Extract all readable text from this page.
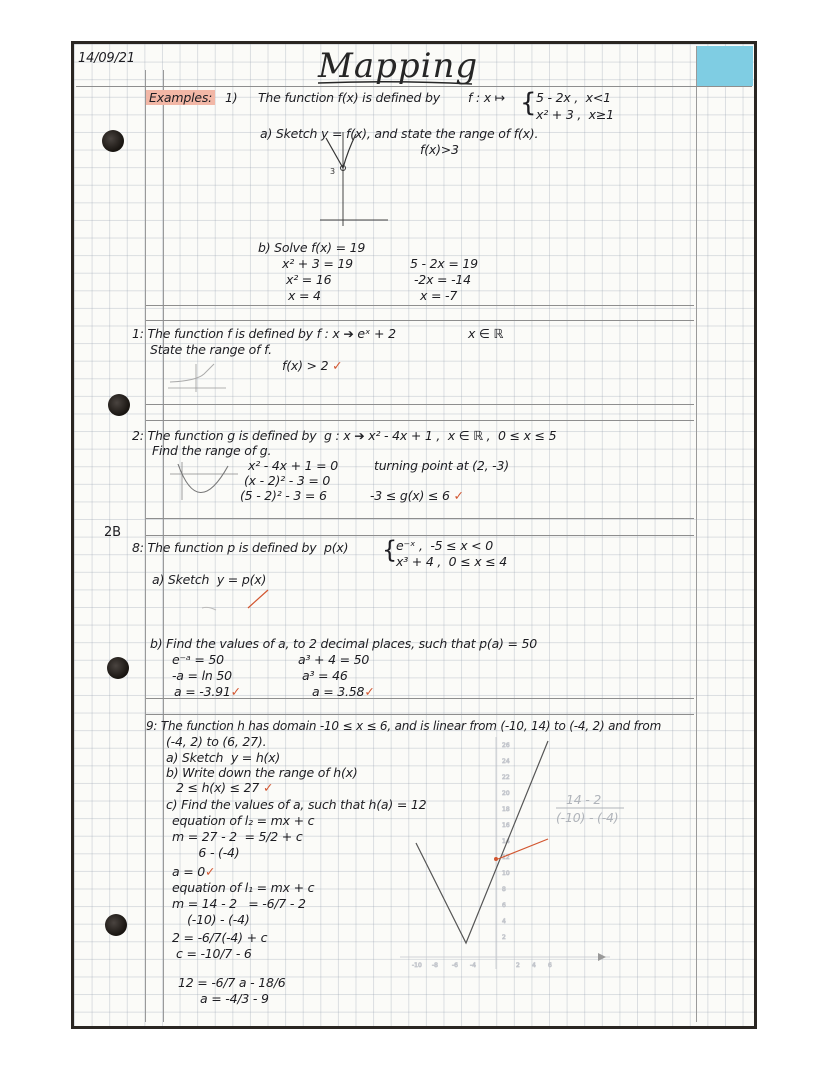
14/09/21	Mapping
Examples: 1) The function f(x) is defined by f : x ↦ { 5 - 2x ,  x<1
x² + 3 ,  x≥1
a) Sketch y = f(x), and state the range of f(x).
f(x)>3
3
b) Solve f(x) = 19
x² + 3 = 19
x² = 16
x = 4
5 - 2x = 19
-2x = -14
x = -7
1: The function f is defined by f : x ➔ eˣ + 2	x ∈ ℝ
State the range of f.
f(x) > 2 ✓
2: The function g is defined by  g : x ➔ x² - 4x + 1 ,  x ∈ ℝ ,  0 ≤ x ≤ 5
Find the range of g.
x² - 4x + 1 = 0
(x - 2)² - 3 = 0
(5 - 2)² - 3 = 6
turning point at (2, -3)
-3 ≤ g(x) ≤ 6 ✓
2B
8: The function p is defined by  p(x) {
e⁻ˣ ,  -5 ≤ x < 0
x³ + 4 ,  0 ≤ x ≤ 4
a) Sketch  y = p(x)
b) Find the values of a, to 2 decimal places, such that p(a) = 50
e⁻ᵃ = 50
-a = ln 50
a = -3.91✓
a³ + 4 = 50
a³ = 46
a = 3.58✓
9: The function h has domain -10 ≤ x ≤ 6, and is linear from (-10, 14) to (-4, 2) and from
(-4, 2) to (6, 27).
a) Sketch  y = h(x)
b) Write down the range of h(x)
2 ≤ h(x) ≤ 27 ✓
c) Find the values of a, such that h(a) = 12
equation of l₂ = mx + c
m = 27 - 2  = 5/2 + c
6 - (-4)
a = 0✓
equation of l₁ = mx + c
m = 14 - 2   = -6/7 - 2
(-10) - (-4)
2 = -6/7(-4) + c
c = -10/7 - 6
12 = -6/7 a - 18/6
a = -4/3 - 9
14 - 2
(-10) - (-4)
26
24
22
20
18
16
14
12
10
8
6
4
2
-10 -8 -6 -4	2 4 6
